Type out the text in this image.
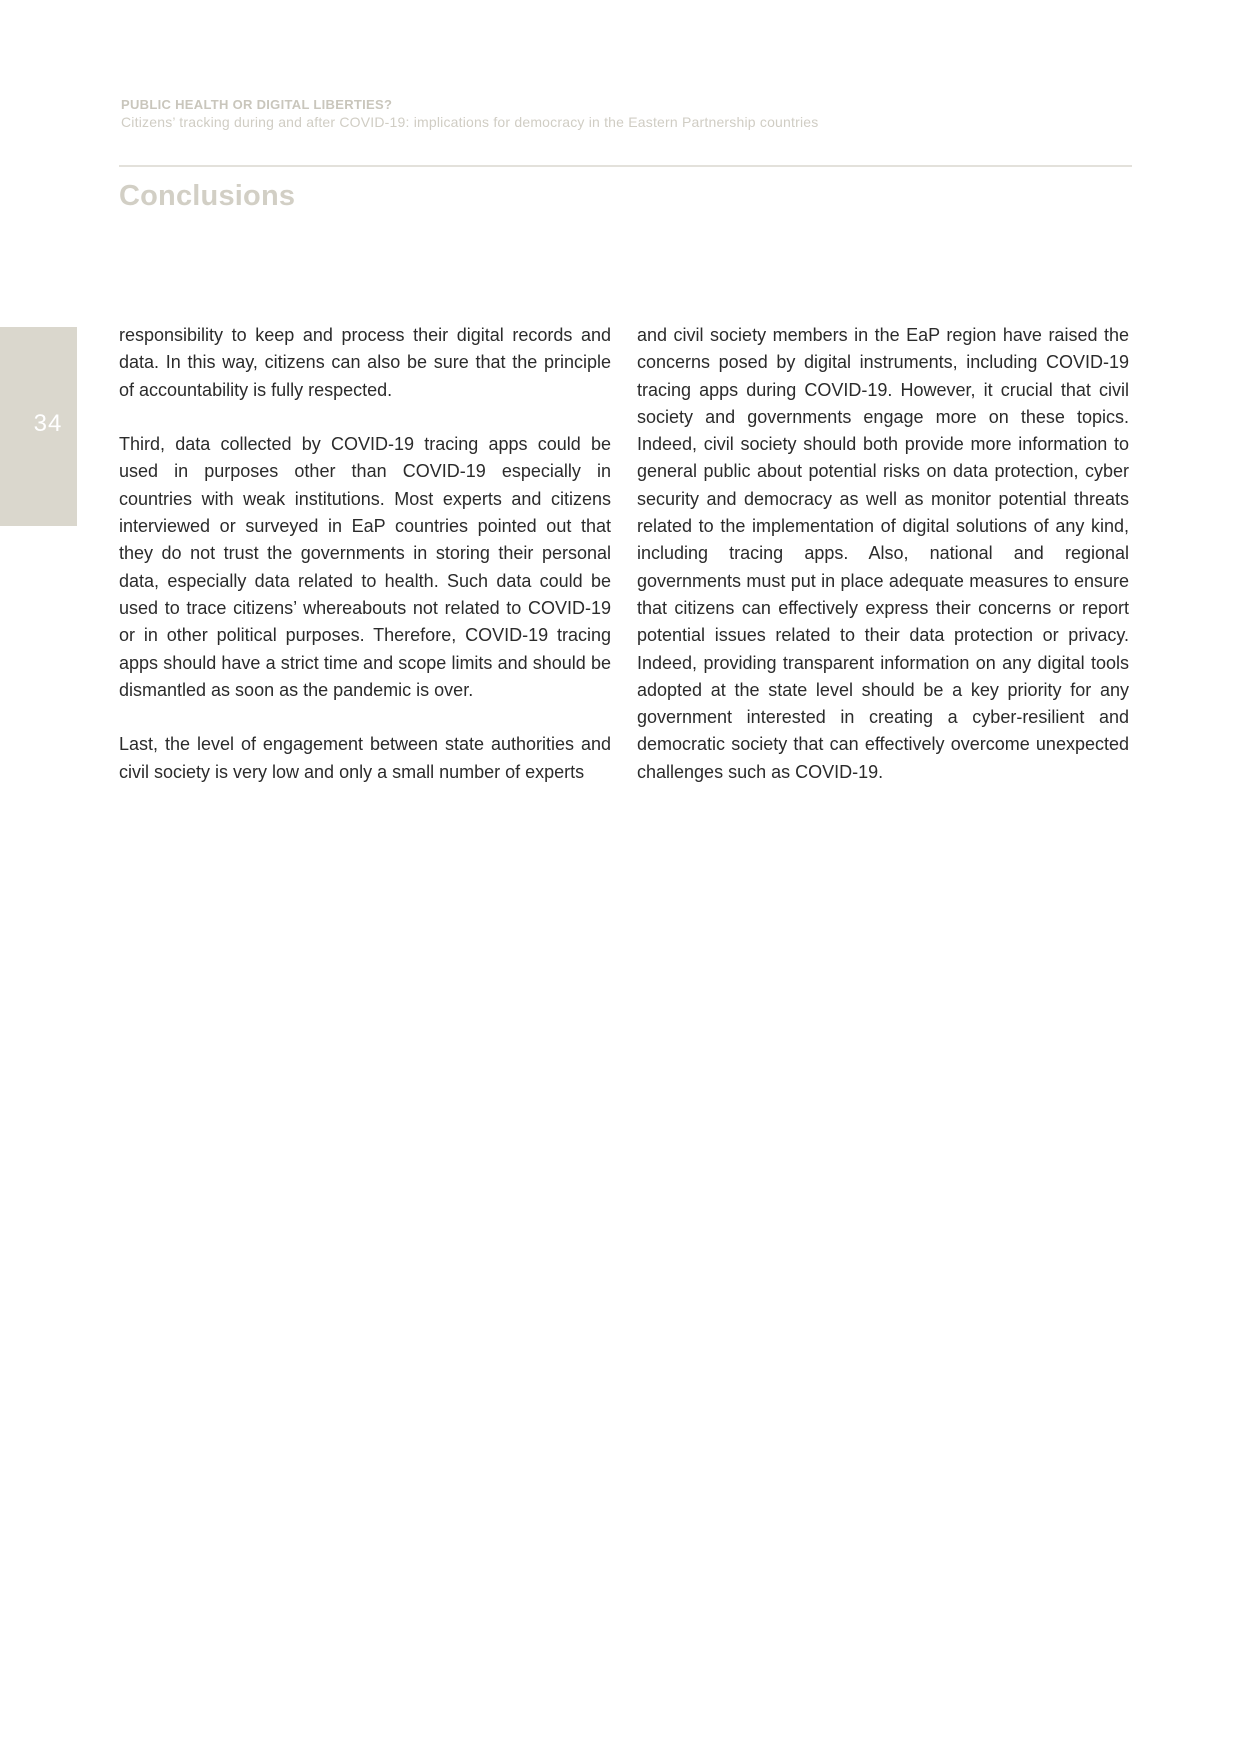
PUBLIC HEALTH OR DIGITAL LIBERTIES?
Citizens’ tracking during and after COVID-19: implications for democracy in the Eastern Partnership countries
Conclusions
34

responsibility to keep and process their digital records and data. In this way, citizens can also be sure that the principle of accountability is fully respected.

Third, data collected by COVID-19 tracing apps could be used in purposes other than COVID-19 especially in countries with weak institutions. Most experts and citizens interviewed or surveyed in EaP countries pointed out that they do not trust the governments in storing their personal data, especially data related to health. Such data could be used to trace citizens’ whereabouts not related to COVID-19 or in other political purposes. Therefore, COVID-19 tracing apps should have a strict time and scope limits and should be dismantled as soon as the pandemic is over.

Last, the level of engagement between state authorities and civil society is very low and only a small number of experts

and civil society members in the EaP region have raised the concerns posed by digital instruments, including COVID-19 tracing apps during COVID-19. However, it crucial that civil society and governments engage more on these topics. Indeed, civil society should both provide more information to general public about potential risks on data protection, cyber security and democracy as well as monitor potential threats related to the implementation of digital solutions of any kind, including tracing apps. Also, national and regional governments must put in place adequate measures to ensure that citizens can effectively express their concerns or report potential issues related to their data protection or privacy. Indeed, providing transparent information on any digital tools adopted at the state level should be a key priority for any government interested in creating a cyber-resilient and democratic society that can effectively overcome unexpected challenges such as COVID-19.
